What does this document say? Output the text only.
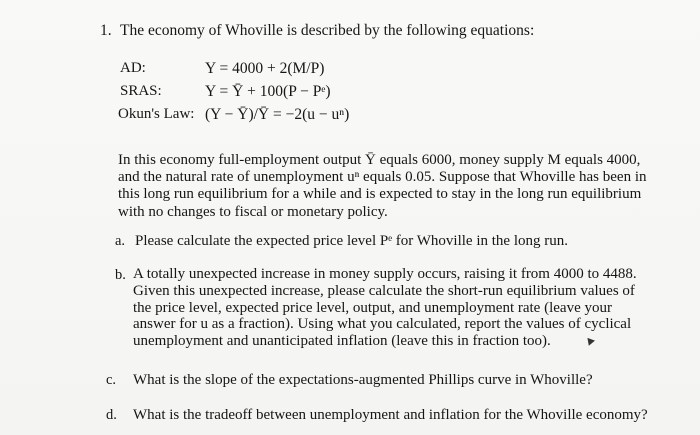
1. The economy of Whoville is described by the following equations:
AD:	Y = 4000 + 2(M/P)
SRAS:	Y = Ȳ + 100(P − Pᵉ)
Okun's Law: (Y − Ȳ)/Ȳ = −2(u − uⁿ)
In this economy full-employment output Ȳ equals 6000, money supply M equals 4000,
and the natural rate of unemployment uⁿ equals 0.05. Suppose that Whoville has been in
this long run equilibrium for a while and is expected to stay in the long run equilibrium
with no changes to fiscal or monetary policy.
a. Please calculate the expected price level Pᵉ for Whoville in the long run.
b. A totally unexpected increase in money supply occurs, raising it from 4000 to 4488.
Given this unexpected increase, please calculate the short-run equilibrium values of
the price level, expected price level, output, and unemployment rate (leave your
answer for u as a fraction). Using what you calculated, report the values of cyclical
unemployment and unanticipated inflation (leave this in fraction too).
c. What is the slope of the expectations-augmented Phillips curve in Whoville?
d. What is the tradeoff between unemployment and inflation for the Whoville economy?
